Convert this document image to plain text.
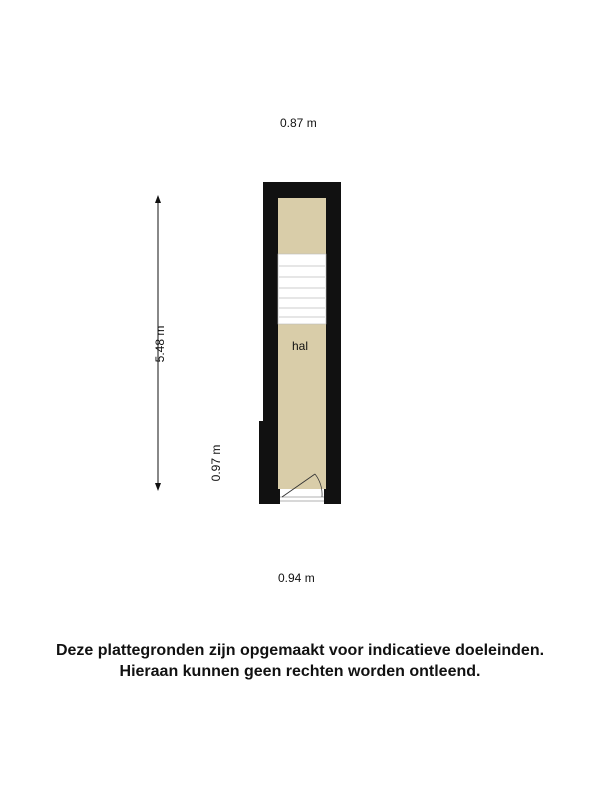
0.87 m
5.48 m
0.97 m
0.94 m
hal
Deze plattegronden zijn opgemaakt voor indicatieve doeleinden.
Hieraan kunnen geen rechten worden ontleend.
